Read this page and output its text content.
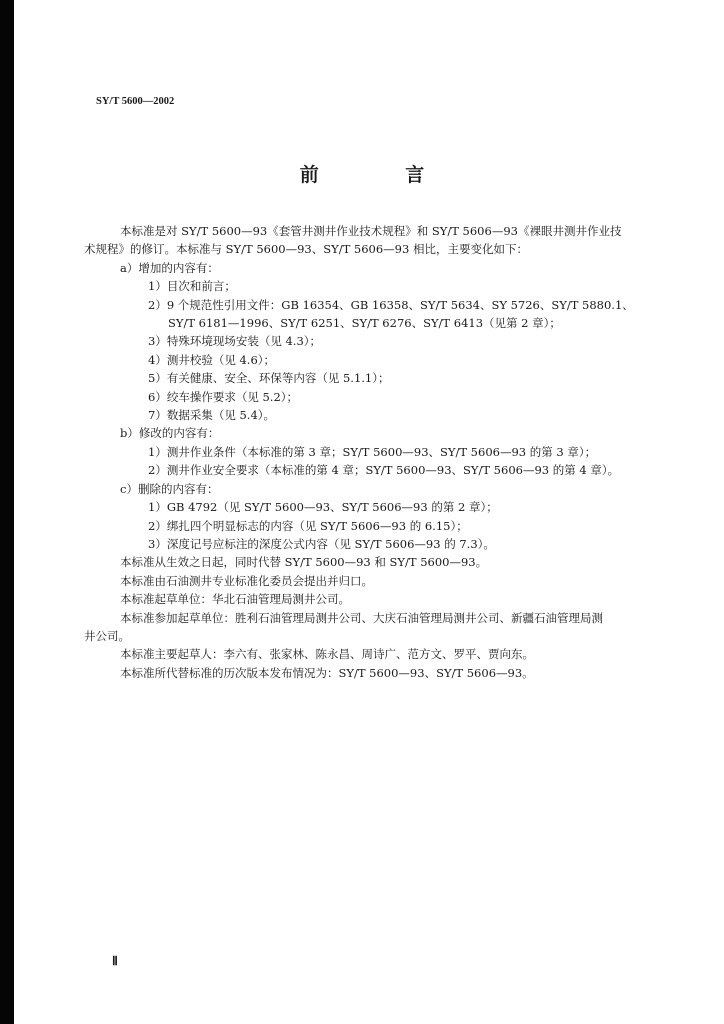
SY/T 5600—2002
前 言

本标准是对 SY/T 5600—93《套管井测井作业技术规程》和 SY/T 5606—93《裸眼井测井作业技

术规程》的修订。本标准与 SY/T 5600—93、SY/T 5606—93 相比，主要变化如下：

a）增加的内容有：

1）目次和前言；

2）9 个规范性引用文件：GB 16354、GB 16358、SY/T 5634、SY 5726、SY/T 5880.1、

SY/T 6181—1996、SY/T 6251、SY/T 6276、SY/T 6413（见第 2 章）；

3）特殊环境现场安装（见 4.3）；

4）测井校验（见 4.6）；

5）有关健康、安全、环保等内容（见 5.1.1）；

6）绞车操作要求（见 5.2）；

7）数据采集（见 5.4）。

b）修改的内容有：

1）测井作业条件（本标准的第 3 章；SY/T 5600—93、SY/T 5606—93 的第 3 章）；

2）测井作业安全要求（本标准的第 4 章；SY/T 5600—93、SY/T 5606—93 的第 4 章）。

c）删除的内容有：

1）GB 4792（见 SY/T 5600—93、SY/T 5606—93 的第 2 章）；

2）绑扎四个明显标志的内容（见 SY/T 5606—93 的 6.15）；

3）深度记号应标注的深度公式内容（见 SY/T 5606—93 的 7.3）。

本标准从生效之日起，同时代替 SY/T 5600—93 和 SY/T 5600—93。

本标准由石油测井专业标准化委员会提出并归口。

本标准起草单位：华北石油管理局测井公司。

本标准参加起草单位：胜利石油管理局测井公司、大庆石油管理局测井公司、新疆石油管理局测

井公司。

本标准主要起草人：李六有、张家林、陈永昌、周诗广、范方文、罗平、贾向东。

本标准所代替标准的历次版本发布情况为：SY/T 5600—93、SY/T 5606—93。

Ⅱ
